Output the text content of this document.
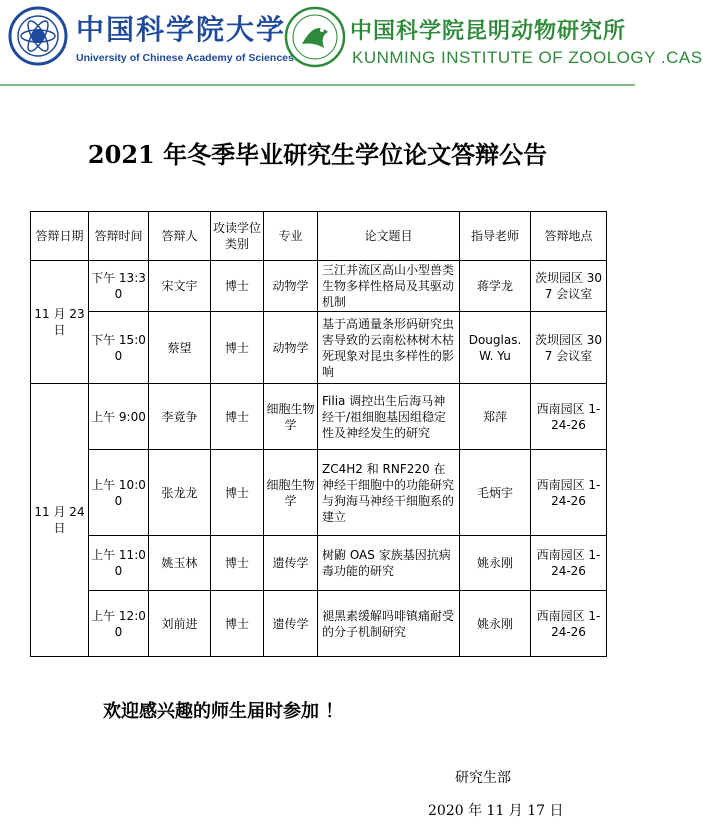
中国科学院大学
University of Chinese Academy of Sciences
中国科学院昆明动物研究所
KUNMING INSTITUTE OF ZOOLOGY .CAS
2021 年冬季毕业研究生学位论文答辩公告
答辩日期	答辩时间	答辩人	攻读学位类别	专业	论文题目	指导老师	答辩地点
11 月 23 日	下午 13:30	宋文宇	博士	动物学	三江并流区高山小型兽类生物多样性格局及其驱动机制	蒋学龙	茨坝园区 307 会议室
	下午 15:00	蔡望	博士	动物学	基于高通量条形码研究虫害导致的云南松林树木枯死现象对昆虫多样性的影响	Douglas.W. Yu	茨坝园区 307 会议室
11 月 24 日	上午 9:00	李竟争	博士	细胞生物学	Filia 调控出生后海马神经干/祖细胞基因组稳定性及神经发生的研究	郑萍	西南园区 1-24-26
	上午 10:00	张龙龙	博士	细胞生物学	ZC4H2 和 RNF220 在神经干细胞中的功能研究与狗海马神经干细胞系的建立	毛炳宇	西南园区 1-24-26
	上午 11:00	姚玉林	博士	遗传学	树鼩 OAS 家族基因抗病毒功能的研究	姚永刚	西南园区 1-24-26
	上午 12:00	刘前进	博士	遗传学	褪黑素缓解吗啡镇痛耐受的分子机制研究	姚永刚	西南园区 1-24-26
欢迎感兴趣的师生届时参加 ！
研究生部
2020 年 11 月 17 日
